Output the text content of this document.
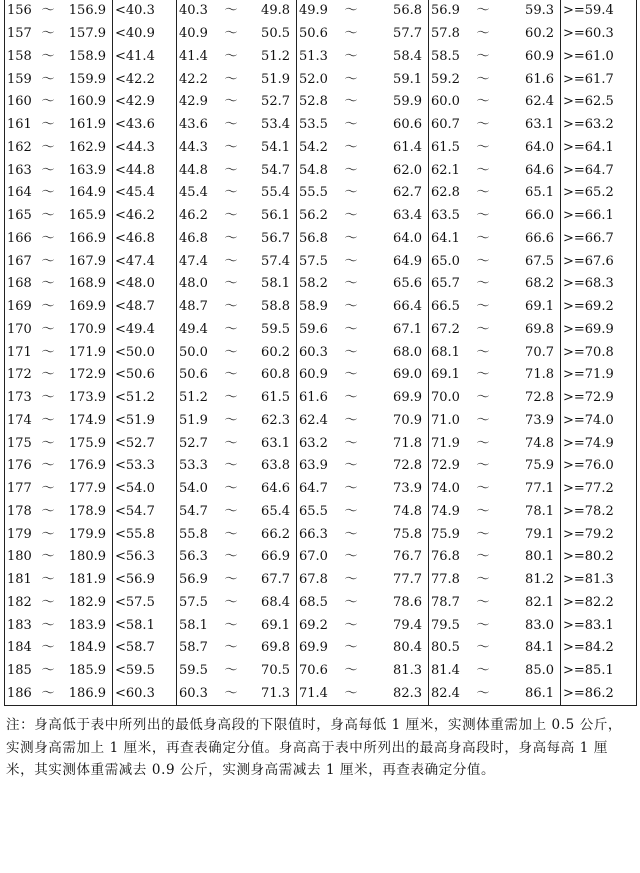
156 ～ 156.9	<40.3	40.3 ～ 49.8	49.9 ～ 56.8	56.9 ～ 59.3	>=59.4

157 ～ 157.9	<40.9	40.9 ～ 50.5	50.6 ～ 57.7	57.8 ～ 60.2	>=60.3

158 ～ 158.9	<41.4	41.4 ～ 51.2	51.3 ～ 58.4	58.5 ～ 60.9	>=61.0

159 ～ 159.9	<42.2	42.2 ～ 51.9	52.0 ～ 59.1	59.2 ～ 61.6	>=61.7

160 ～ 160.9	<42.9	42.9 ～ 52.7	52.8 ～ 59.9	60.0 ～ 62.4	>=62.5

161 ～ 161.9	<43.6	43.6 ～ 53.4	53.5 ～ 60.6	60.7 ～ 63.1	>=63.2

162 ～ 162.9	<44.3	44.3 ～ 54.1	54.2 ～ 61.4	61.5 ～ 64.0	>=64.1

163 ～ 163.9	<44.8	44.8 ～ 54.7	54.8 ～ 62.0	62.1 ～ 64.6	>=64.7

164 ～ 164.9	<45.4	45.4 ～ 55.4	55.5 ～ 62.7	62.8 ～ 65.1	>=65.2

165 ～ 165.9	<46.2	46.2 ～ 56.1	56.2 ～ 63.4	63.5 ～ 66.0	>=66.1

166 ～ 166.9	<46.8	46.8 ～ 56.7	56.8 ～ 64.0	64.1 ～ 66.6	>=66.7

167 ～ 167.9	<47.4	47.4 ～ 57.4	57.5 ～ 64.9	65.0 ～ 67.5	>=67.6

168 ～ 168.9	<48.0	48.0 ～ 58.1	58.2 ～ 65.6	65.7 ～ 68.2	>=68.3

169 ～ 169.9	<48.7	48.7 ～ 58.8	58.9 ～ 66.4	66.5 ～ 69.1	>=69.2

170 ～ 170.9	<49.4	49.4 ～ 59.5	59.6 ～ 67.1	67.2 ～ 69.8	>=69.9

171 ～ 171.9	<50.0	50.0 ～ 60.2	60.3 ～ 68.0	68.1 ～ 70.7	>=70.8

172 ～ 172.9	<50.6	50.6 ～ 60.8	60.9 ～ 69.0	69.1 ～ 71.8	>=71.9

173 ～ 173.9	<51.2	51.2 ～ 61.5	61.6 ～ 69.9	70.0 ～ 72.8	>=72.9

174 ～ 174.9	<51.9	51.9 ～ 62.3	62.4 ～ 70.9	71.0 ～ 73.9	>=74.0

175 ～ 175.9	<52.7	52.7 ～ 63.1	63.2 ～ 71.8	71.9 ～ 74.8	>=74.9

176 ～ 176.9	<53.3	53.3 ～ 63.8	63.9 ～ 72.8	72.9 ～ 75.9	>=76.0

177 ～ 177.9	<54.0	54.0 ～ 64.6	64.7 ～ 73.9	74.0 ～ 77.1	>=77.2

178 ～ 178.9	<54.7	54.7 ～ 65.4	65.5 ～ 74.8	74.9 ～ 78.1	>=78.2

179 ～ 179.9	<55.8	55.8 ～ 66.2	66.3 ～ 75.8	75.9 ～ 79.1	>=79.2

180 ～ 180.9	<56.3	56.3 ～ 66.9	67.0 ～ 76.7	76.8 ～ 80.1	>=80.2

181 ～ 181.9	<56.9	56.9 ～ 67.7	67.8 ～ 77.7	77.8 ～ 81.2	>=81.3

182 ～ 182.9	<57.5	57.5 ～ 68.4	68.5 ～ 78.6	78.7 ～ 82.1	>=82.2

183 ～ 183.9	<58.1	58.1 ～ 69.1	69.2 ～ 79.4	79.5 ～ 83.0	>=83.1

184 ～ 184.9	<58.7	58.7 ～ 69.8	69.9 ～ 80.4	80.5 ～ 84.1	>=84.2

185 ～ 185.9	<59.5	59.5 ～ 70.5	70.6 ～ 81.3	81.4 ～ 85.0	>=85.1

186 ～ 186.9	<60.3	60.3 ～ 71.3	71.4 ～ 82.3	82.4 ～ 86.1	>=86.2
注：身高低于表中所列出的最低身高段的下限值时，身高每低 1 厘米，实测体重需加上 0.5 公斤，实测身高需加上 1 厘米，再查表确定分值。身高高于表中所列出的最高身高段时，身高每高 1 厘米，其实测体重需减去 0.9 公斤，实测身高需减去 1 厘米，再查表确定分值。
